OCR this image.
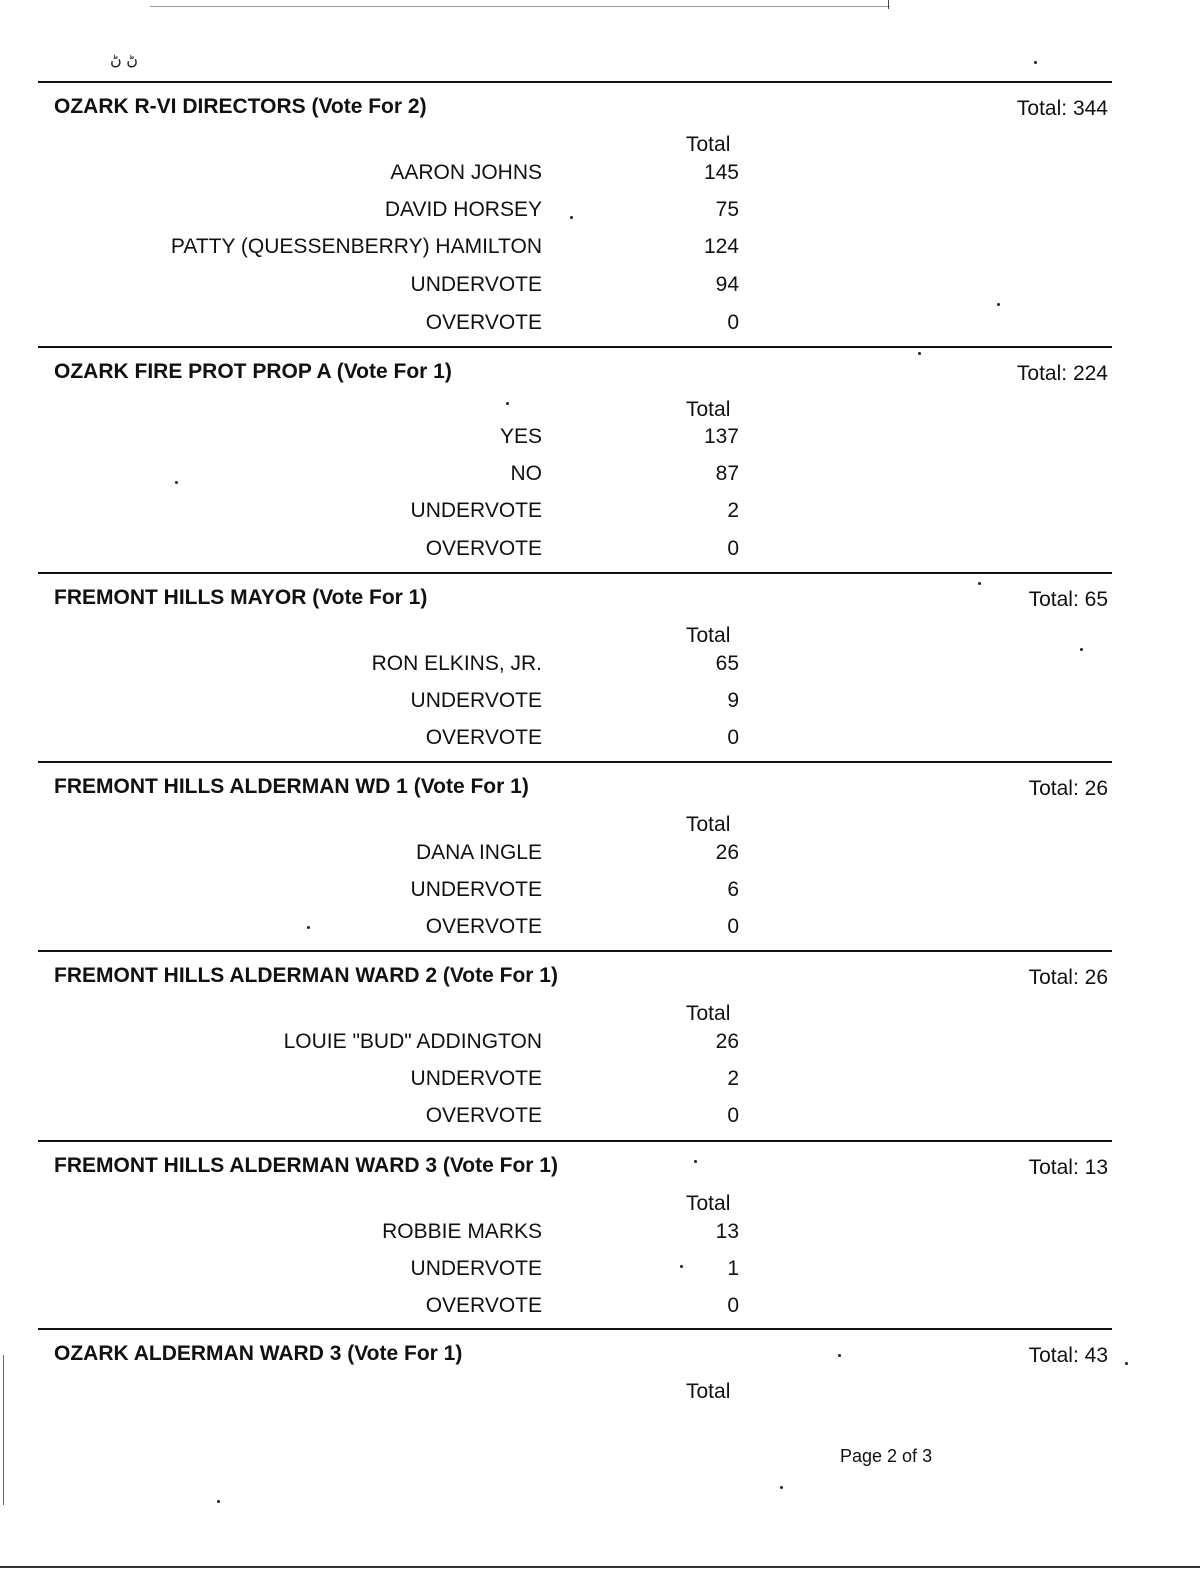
ڻ ڻ
OZARK R-VI DIRECTORS (Vote For 2)	Total: 344
Total
AARON JOHNS	145
DAVID HORSEY	75
PATTY (QUESSENBERRY) HAMILTON	124
UNDERVOTE	94
OVERVOTE	0
OZARK FIRE PROT PROP A (Vote For 1)	Total: 224
Total
YES	137
NO	87
UNDERVOTE	2
OVERVOTE	0
FREMONT HILLS MAYOR (Vote For 1)	Total: 65
Total
RON ELKINS, JR.	65
UNDERVOTE	9
OVERVOTE	0
FREMONT HILLS ALDERMAN WD 1 (Vote For 1)	Total: 26
Total
DANA INGLE	26
UNDERVOTE	6
OVERVOTE	0
FREMONT HILLS ALDERMAN WARD 2 (Vote For 1)	Total: 26
Total
LOUIE "BUD" ADDINGTON	26
UNDERVOTE	2
OVERVOTE	0
FREMONT HILLS ALDERMAN WARD 3 (Vote For 1)	Total: 13
Total
ROBBIE MARKS	13
UNDERVOTE	1
OVERVOTE	0
OZARK ALDERMAN WARD 3 (Vote For 1)	Total: 43
Total
Page 2 of 3
